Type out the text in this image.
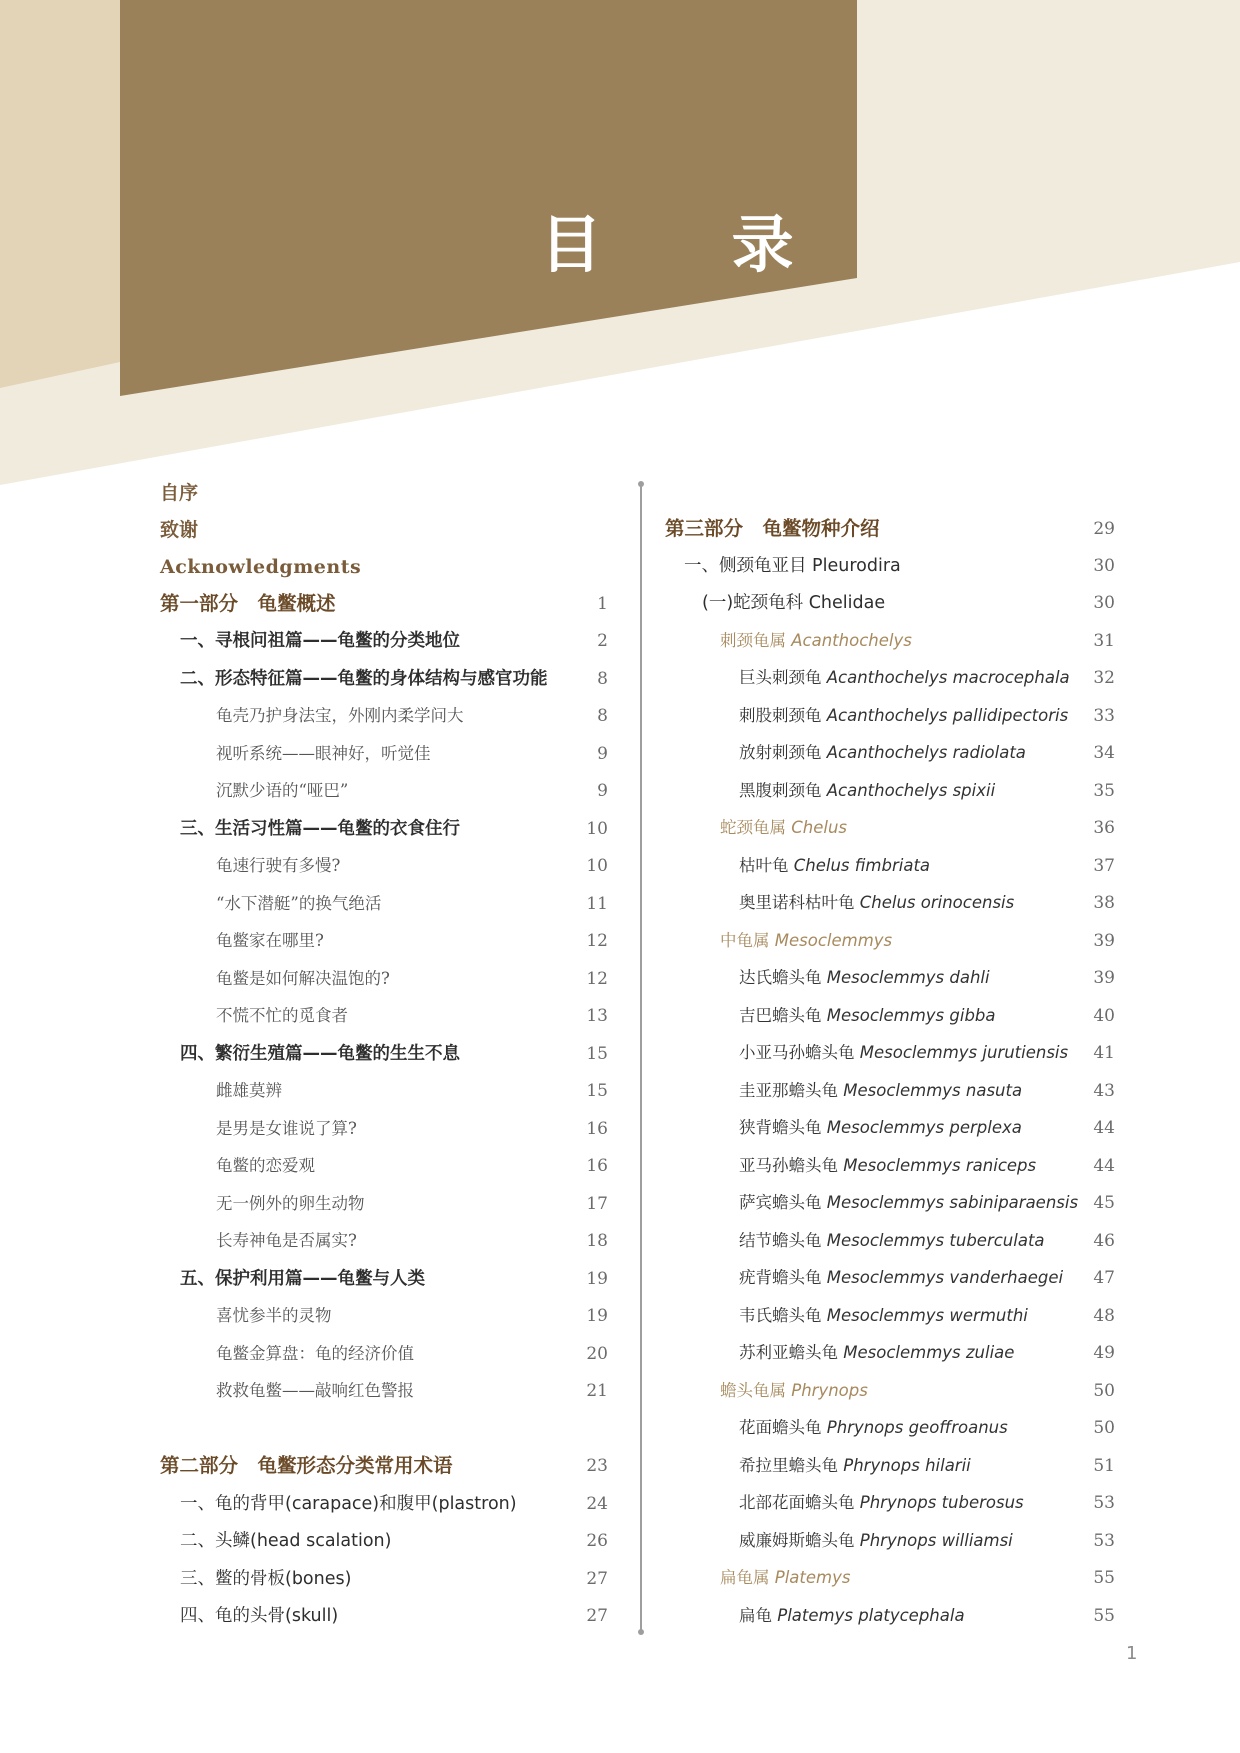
目 录
自序
致谢
Acknowledgments
第一部分　龟鳖概述	1
一、寻根问祖篇——龟鳖的分类地位	2
二、形态特征篇——龟鳖的身体结构与感官功能	8
龟壳乃护身法宝，外刚内柔学问大	8
视听系统——眼神好，听觉佳	9
沉默少语的“哑巴”	9
三、生活习性篇——龟鳖的衣食住行	10
龟速行驶有多慢?	10
“水下潜艇”的换气绝活	11
龟鳖家在哪里?	12
龟鳖是如何解决温饱的?	12
不慌不忙的觅食者	13
四、繁衍生殖篇——龟鳖的生生不息	15
雌雄莫辨	15
是男是女谁说了算?	16
龟鳖的恋爱观	16
无一例外的卵生动物	17
长寿神龟是否属实?	18
五、保护利用篇——龟鳖与人类	19
喜忧参半的灵物	19
龟鳖金算盘：龟的经济价值	20
救救龟鳖——敲响红色警报	21
第二部分　龟鳖形态分类常用术语	23
一、龟的背甲(carapace)和腹甲(plastron)	24
二、头鳞(head scalation)	26
三、鳖的骨板(bones)	27
四、龟的头骨(skull)	27
第三部分　龟鳖物种介绍	29
一、侧颈龟亚目 Pleurodira	30
(一)蛇颈龟科 Chelidae	30
刺颈龟属 Acanthochelys	31
巨头刺颈龟 Acanthochelys macrocephala	32
刺股刺颈龟 Acanthochelys pallidipectoris	33
放射刺颈龟 Acanthochelys radiolata	34
黑腹刺颈龟 Acanthochelys spixii	35
蛇颈龟属 Chelus	36
枯叶龟 Chelus fimbriata	37
奥里诺科枯叶龟 Chelus orinocensis	38
中龟属 Mesoclemmys	39
达氏蟾头龟 Mesoclemmys dahli	39
吉巴蟾头龟 Mesoclemmys gibba	40
小亚马孙蟾头龟 Mesoclemmys jurutiensis	41
圭亚那蟾头龟 Mesoclemmys nasuta	43
狭背蟾头龟 Mesoclemmys perplexa	44
亚马孙蟾头龟 Mesoclemmys raniceps	44
萨宾蟾头龟 Mesoclemmys sabiniparaensis 45
结节蟾头龟 Mesoclemmys tuberculata	46
疣背蟾头龟 Mesoclemmys vanderhaegei	47
韦氏蟾头龟 Mesoclemmys wermuthi	48
苏利亚蟾头龟 Mesoclemmys zuliae	49
蟾头龟属 Phrynops	50
花面蟾头龟 Phrynops geoffroanus	50
希拉里蟾头龟 Phrynops hilarii	51
北部花面蟾头龟 Phrynops tuberosus	53
威廉姆斯蟾头龟 Phrynops williamsi	53
扁龟属 Platemys	55
扁龟 Platemys platycephala	55
1
